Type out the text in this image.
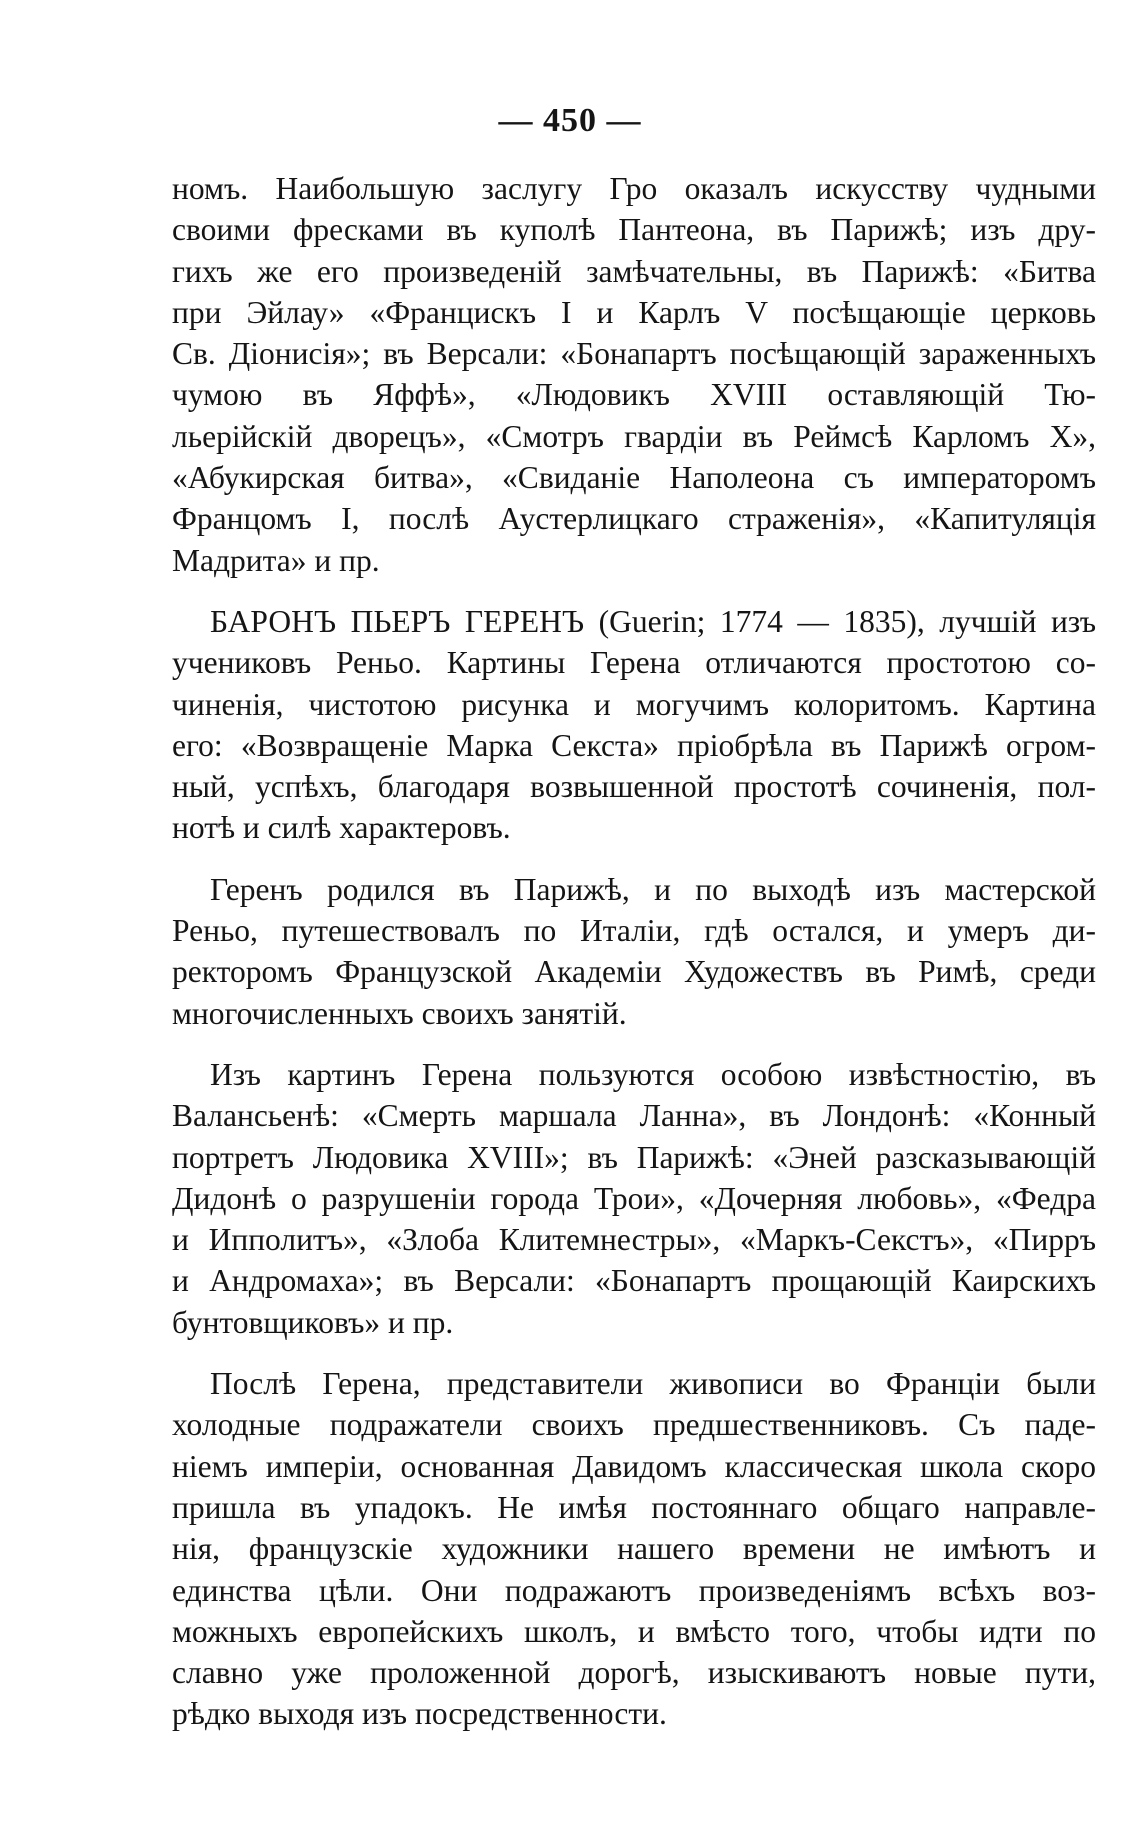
— 450 —
номъ. Наибольшую заслугу Гро оказалъ искусству чудными
своими фресками въ куполѣ Пантеона, въ Парижѣ; изъ дру-
гихъ же его произведеній замѣчательны, въ Парижѣ: «Битва
при Эйлау» «Францискъ I и Карлъ V посѣщающіе церковь
Св. Діонисія»; въ Версали: «Бонапартъ посѣщающій зараженныхъ
чумою въ Яффѣ», «Людовикъ XVIII оставляющій Тю-
льерійскій дворецъ», «Смотръ гвардіи въ Реймсѣ Карломъ X»,
«Абукирская битва», «Свиданіе Наполеона съ императоромъ
Францомъ I, послѣ Аустерлицкаго страженія», «Капитуляція
Мадрита» и пр.
БАРОНЪ ПЬЕРЪ ГЕРЕНЪ (Guerin; 1774 — 1835), лучшій изъ
учениковъ Реньо. Картины Герена отличаются простотою со-
чиненія, чистотою рисунка и могучимъ колоритомъ. Картина
его: «Возвращеніе Марка Секста» пріобрѣла въ Парижѣ огром-
ный, успѣхъ, благодаря возвышенной простотѣ сочиненія, пол-
нотѣ и силѣ характеровъ.
Геренъ родился въ Парижѣ, и по выходѣ изъ мастерской
Реньо, путешествовалъ по Италіи, гдѣ остался, и умеръ ди-
ректоромъ Французской Академіи Художествъ въ Римѣ, среди
многочисленныхъ своихъ занятій.
Изъ картинъ Герена пользуются особою извѣстностію, въ
Валансьенѣ: «Смерть маршала Ланна», въ Лондонѣ: «Конный
портретъ Людовика XVIII»; въ Парижѣ: «Эней разсказывающій
Дидонѣ о разрушеніи города Трои», «Дочерняя любовь», «Федра
и Ипполитъ», «Злоба Клитемнестры», «Маркъ-Секстъ», «Пирръ
и Андромаха»; въ Версали: «Бонапартъ прощающій Каирскихъ
бунтовщиковъ» и пр.
Послѣ Герена, представители живописи во Франціи были
холодные подражатели своихъ предшественниковъ. Съ паде-
ніемъ имперіи, основанная Давидомъ классическая школа скоро
пришла въ упадокъ. Не имѣя постояннаго общаго направле-
нія, французскіе художники нашего времени не имѣютъ и
единства цѣли. Они подражаютъ произведеніямъ всѣхъ воз-
можныхъ европейскихъ школъ, и вмѣсто того, чтобы идти по
славно уже проложенной дорогѣ, изыскиваютъ новые пути,
рѣдко выходя изъ посредственности.
